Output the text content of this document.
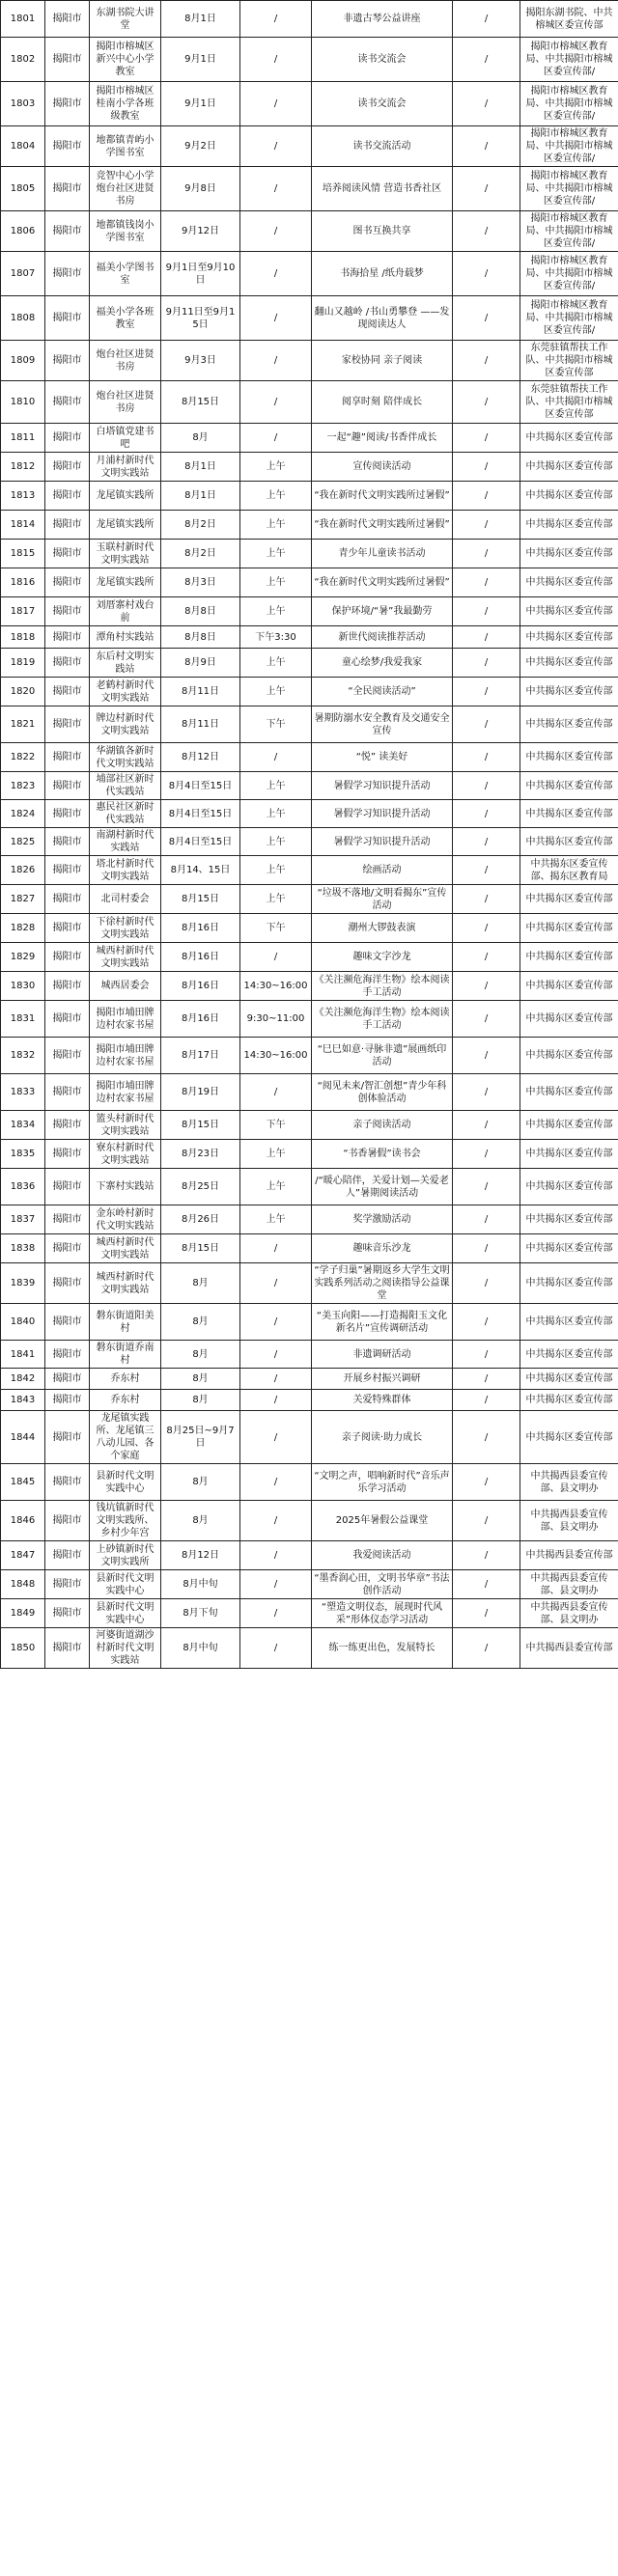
1801	揭阳市	东湖书院大讲堂	8月1日	/	非遗古琴公益讲座	/	揭阳东湖书院、中共榕城区委宣传部
1802	揭阳市	揭阳市榕城区新兴中心小学教室	9月1日	/	读书交流会	/	揭阳市榕城区教育局、中共揭阳市榕城区委宣传部/
1803	揭阳市	揭阳市榕城区桂南小学各班级教室	9月1日	/	读书交流会	/	揭阳市榕城区教育局、中共揭阳市榕城区委宣传部/
1804	揭阳市	地都镇青屿小学图书室	9月2日	/	读书交流活动	/	揭阳市榕城区教育局、中共揭阳市榕城区委宣传部/
1805	揭阳市	竞智中心小学炮台社区进贤书房	9月8日	/	培养阅读风情 营造书香社区	/	揭阳市榕城区教育局、中共揭阳市榕城区委宣传部/
1806	揭阳市	地都镇钱岗小学图书室	9月12日	/	图书互换共享	/	揭阳市榕城区教育局、中共揭阳市榕城区委宣传部/
1807	揭阳市	福美小学图书室	9月1日至9月10日	/	书海拾星 /纸舟载梦	/	揭阳市榕城区教育局、中共揭阳市榕城区委宣传部/
1808	揭阳市	福美小学各班教室	9月11日至9月15日	/	翻山又越岭 /书山勇攀登 ——发现阅读达人	/	揭阳市榕城区教育局、中共揭阳市榕城区委宣传部/
1809	揭阳市	炮台社区进贤书房	9月3日	/	家校协同 亲子阅读	/	东莞驻镇帮扶工作队、中共揭阳市榕城区委宣传部
1810	揭阳市	炮台社区进贤书房	8月15日	/	阅享时刻 陪伴成长	/	东莞驻镇帮扶工作队、中共揭阳市榕城区委宣传部
1811	揭阳市	白塔镇党建书吧	8月	/	一起“趣”阅读/书香伴成长	/	中共揭东区委宣传部
1812	揭阳市	月浦村新时代文明实践站	8月1日	上午	宣传阅读活动	/	中共揭东区委宣传部
1813	揭阳市	龙尾镇实践所	8月1日	上午	“我在新时代文明实践所过暑假”	/	中共揭东区委宣传部
1814	揭阳市	龙尾镇实践所	8月2日	上午	“我在新时代文明实践所过暑假”	/	中共揭东区委宣传部
1815	揭阳市	玉联村新时代文明实践站	8月2日	上午	青少年儿童读书活动	/	中共揭东区委宣传部
1816	揭阳市	龙尾镇实践所	8月3日	上午	“我在新时代文明实践所过暑假”	/	中共揭东区委宣传部
1817	揭阳市	刘厝寨村戏台前	8月8日	上午	保护环境/“暑”我最勤劳	/	中共揭东区委宣传部
1818	揭阳市	潭角村实践站	8月8日	下午3:30	新世代阅读推荐活动	/	中共揭东区委宣传部
1819	揭阳市	东后村文明实践站	8月9日	上午	童心绘梦/我爱我家	/	中共揭东区委宣传部
1820	揭阳市	老鹤村新时代文明实践站	8月11日	上午	“全民阅读活动”	/	中共揭东区委宣传部
1821	揭阳市	牌边村新时代文明实践站	8月11日	下午	暑期防溺水安全教育及交通安全宣传	/	中共揭东区委宣传部
1822	揭阳市	华湖镇各新时代文明实践站	8月12日	/	“悦” 读美好	/	中共揭东区委宣传部
1823	揭阳市	埔部社区新时代实践站	8月4日至15日	上午	暑假学习知识提升活动	/	中共揭东区委宣传部
1824	揭阳市	惠民社区新时代实践站	8月4日至15日	上午	暑假学习知识提升活动	/	中共揭东区委宣传部
1825	揭阳市	南湖村新时代实践站	8月4日至15日	上午	暑假学习知识提升活动	/	中共揭东区委宣传部
1826	揭阳市	塔北村新时代文明实践站	8月14、15日	上午	绘画活动	/	中共揭东区委宣传部、揭东区教育局
1827	揭阳市	北司村委会	8月15日	上午	“垃圾不落地/文明看揭东”宣传活动	/	中共揭东区委宣传部
1828	揭阳市	下徐村新时代文明实践站	8月16日	下午	潮州大锣鼓表演	/	中共揭东区委宣传部
1829	揭阳市	城西村新时代文明实践站	8月16日	/	趣味文字沙龙	/	中共揭东区委宣传部
1830	揭阳市	城西居委会	8月16日	14:30~16:00	《关注濒危海洋生物》绘本阅读手工活动	/	中共揭东区委宣传部
1831	揭阳市	揭阳市埔田牌边村农家书屋	8月16日	9:30~11:00	《关注濒危海洋生物》绘本阅读手工活动	/	中共揭东区委宣传部
1832	揭阳市	揭阳市埔田牌边村农家书屋	8月17日	14:30~16:00	“巳巳如意·寻脉非遗”展画纸印活动	/	中共揭东区委宣传部
1833	揭阳市	揭阳市埔田牌边村农家书屋	8月19日	/	“阅见未来/智汇创想”青少年科创体验活动	/	中共揭东区委宣传部
1834	揭阳市	篮头村新时代文明实践站	8月15日	下午	亲子阅读活动	/	中共揭东区委宣传部
1835	揭阳市	寮东村新时代文明实践站	8月23日	上午	“书香暑假”读书会	/	中共揭东区委宣传部
1836	揭阳市	下寨村实践站	8月25日	上午	/“暖心陪伴，关爱计划—关爱老人”暑期阅读活动	/	中共揭东区委宣传部
1837	揭阳市	金东岭村新时代文明实践站	8月26日	上午	奖学激励活动	/	中共揭东区委宣传部
1838	揭阳市	城西村新时代文明实践站	8月15日	/	趣味音乐沙龙	/	中共揭东区委宣传部
1839	揭阳市	城西村新时代文明实践站	8月	/	“学子归巢”暑期返乡大学生文明实践系列活动之阅读指导公益课堂	/	中共揭东区委宣传部
1840	揭阳市	磐东街道阳美村	8月	/	“美玉向阳——打造揭阳玉文化新名片”宣传调研活动	/	中共揭东区委宣传部
1841	揭阳市	磐东街道乔南村	8月	/	非遗调研活动	/	中共揭东区委宣传部
1842	揭阳市	乔东村	8月	/	开展乡村振兴调研	/	中共揭东区委宣传部
1843	揭阳市	乔东村	8月	/	关爱特殊群体	/	中共揭东区委宣传部
1844	揭阳市	龙尾镇实践所、龙尾镇三八动儿园、各个家庭	8月25日~9月7日	/	亲子阅读·助力成长	/	中共揭东区委宣传部
1845	揭阳市	县新时代文明实践中心	8月	/	“文明之声，唱响新时代”音乐声乐学习活动	/	中共揭西县委宣传部、县文明办
1846	揭阳市	钱坑镇新时代文明实践所、乡村少年宫	8月	/	2025年暑假公益课堂	/	中共揭西县委宣传部、县文明办
1847	揭阳市	上砂镇新时代文明实践所	8月12日	/	我爱阅读活动	/	中共揭西县委宣传部
1848	揭阳市	县新时代文明实践中心	8月中旬	/	“墨香润心田，文明书华章”书法创作活动	/	中共揭西县委宣传部、县文明办
1849	揭阳市	县新时代文明实践中心	8月下旬	/	“塑造文明仪态，展现时代风采”形体仪态学习活动	/	中共揭西县委宣传部、县文明办
1850	揭阳市	河婆街道湖沙村新时代文明实践站	8月中旬	/	练一练更出色，发展特长	/	中共揭西县委宣传部
